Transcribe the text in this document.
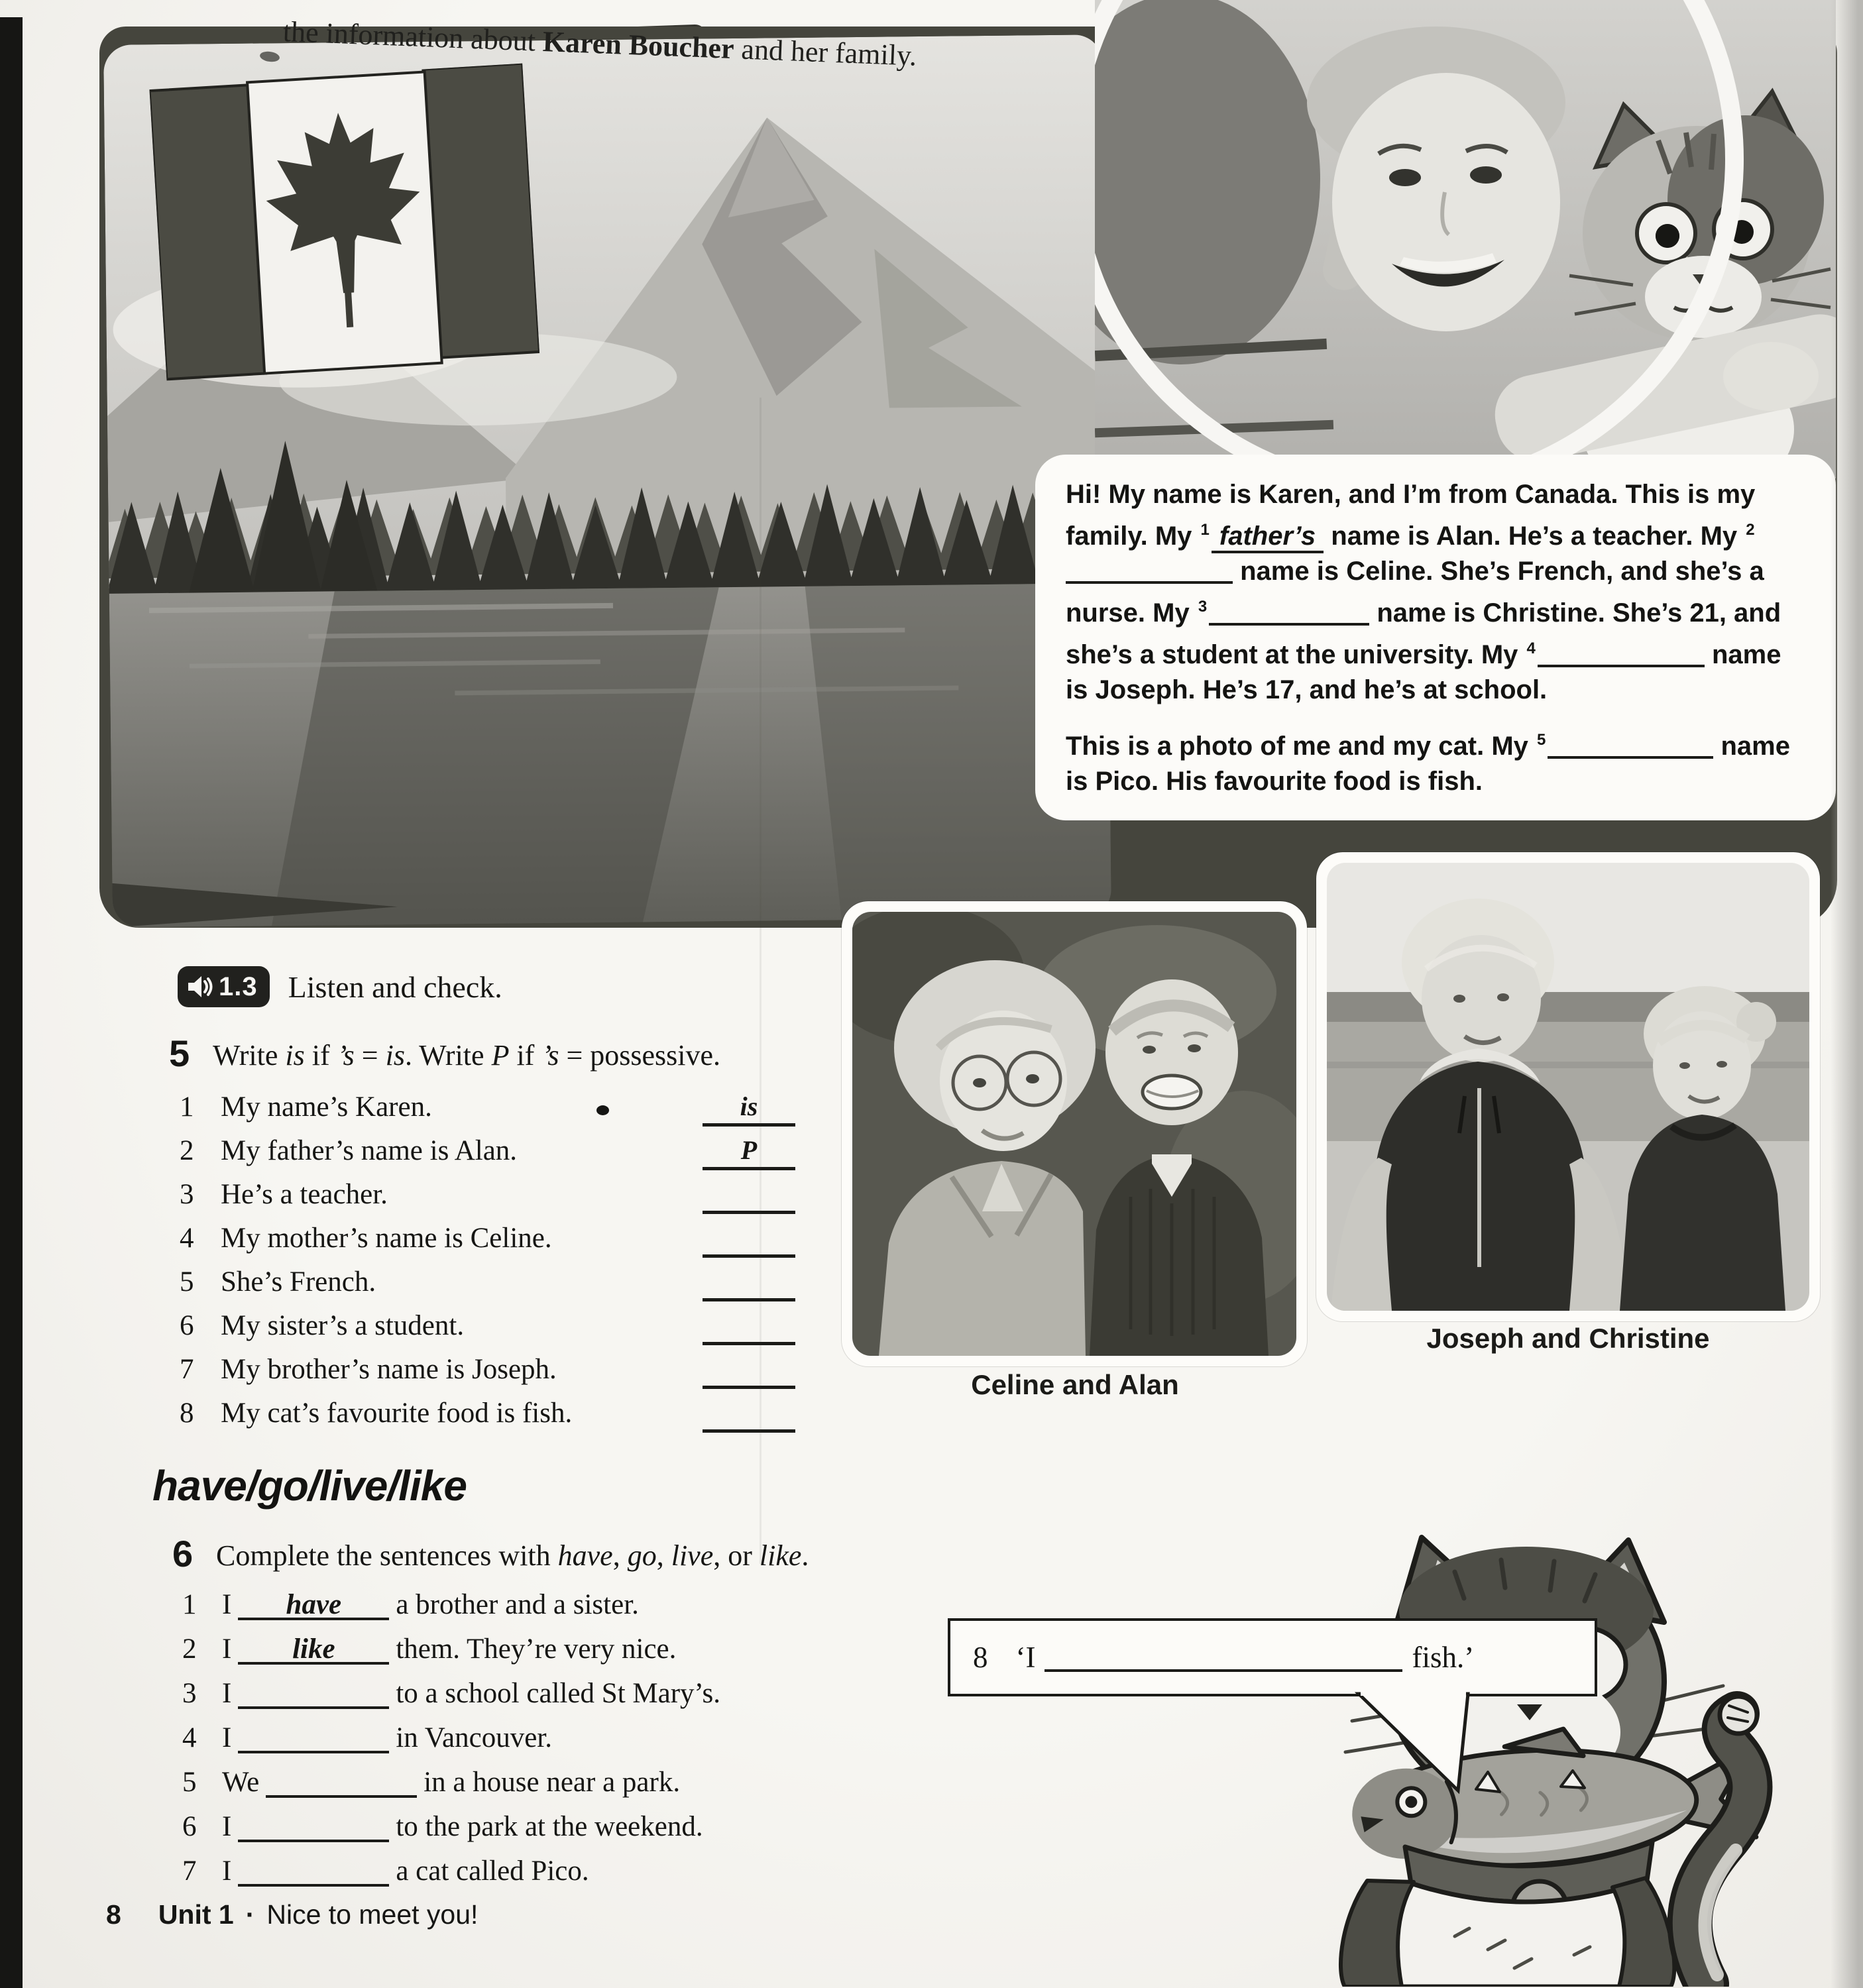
Hi! My name is Karen, and I’m from Canada. This is my family. My $^1$ father’s name is Alan. He’s a teacher. My $^2$ name is Celine. She’s French, and she’s a nurse. My $^3$	name is Christine. She’s 21, and she’s a student at the university. My $^4$	name is Joseph. He’s 17, and he’s at school.

This is a photo of me and my cat. My $^5$	name is Pico. His favourite food is fish.

Joseph and Christine
Celine and Alan
the information about Karen Boucher and her family.
1.3 Listen and check.
5 Write is if ’s = is. Write P if ’s = possessive.
1 My name’s Karen.	is
2 My father’s name is Alan.	P
3 He’s a teacher.
4 My mother’s name is Celine.
5 She’s French.
6 My sister’s a student.
7 My brother’s name is Joseph.
8 My cat’s favourite food is fish.
have/go/live/like
6 Complete the sentences with have, go, live, or like.
1 I	have	a brother and a sister.
2 I	like	them. They’re very nice.
3 I	to a school called St Mary’s.
4 I	in Vancouver.
5 We	in a house near a park.
6 I	to the park at the weekend.
7 I	a cat called Pico.
8 ‘I	fish.’
8 Unit 1 · Nice to meet you!
